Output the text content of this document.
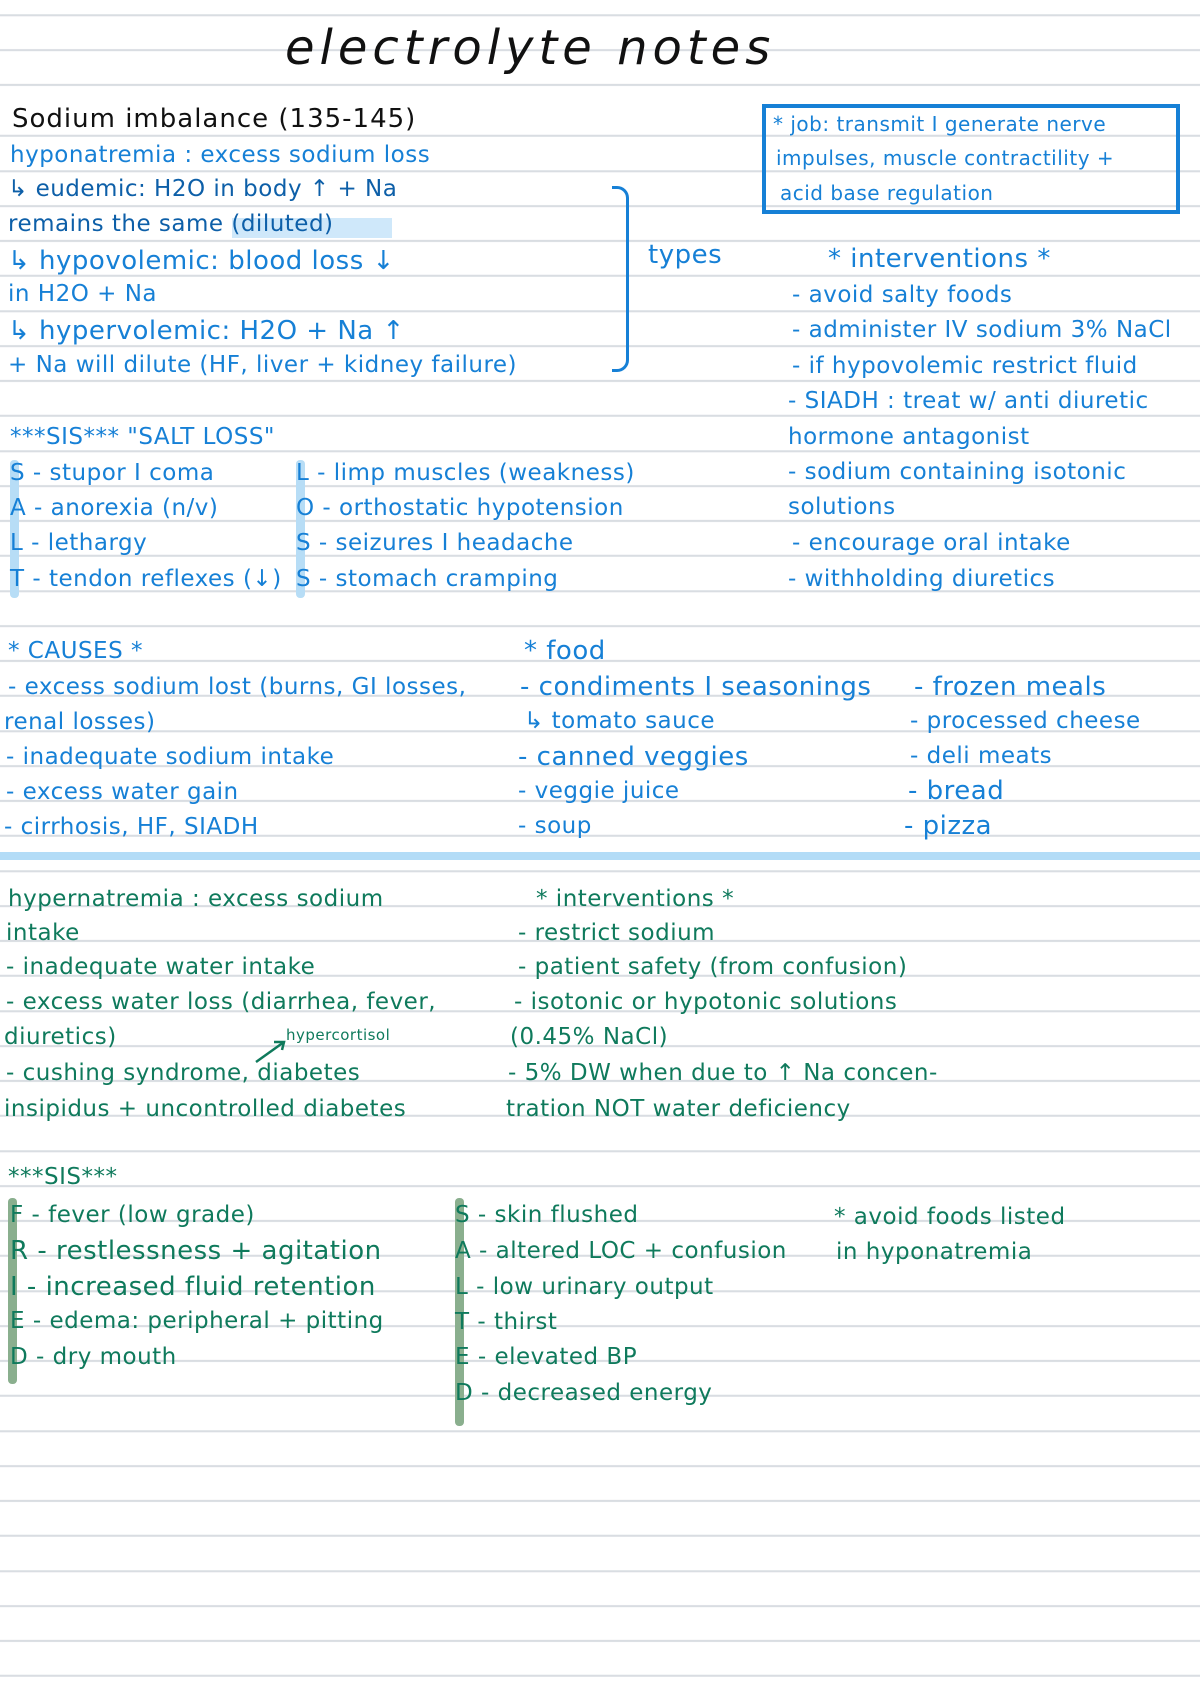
electrolyte notes
Sodium imbalance (135-145)	* job: transmit I generate nerve
impulses, muscle contractility +
acid base regulation
hyponatremia : excess sodium loss
↳ eudemic: H2O in body ↑ + Na
remains the same (diluted)
↳ hypovolemic: blood loss ↓
in H2O + Na
↳ hypervolemic: H2O + Na ↑
+ Na will dilute (HF, liver + kidney failure)
types	* interventions *
- avoid salty foods
- administer IV sodium 3% NaCl
- if hypovolemic restrict fluid
- SIADH : treat w/ anti diuretic
hormone antagonist
- sodium containing isotonic
solutions
- encourage oral intake
- withholding diuretics
***SIS*** "SALT LOSS"
S - stupor I coma
A - anorexia (n/v)
L - lethargy
T - tendon reflexes (↓)
L - limp muscles (weakness)
O - orthostatic hypotension
S - seizures I headache
S - stomach cramping
* CAUSES *
- excess sodium lost (burns, GI losses,
renal losses)
- inadequate sodium intake
- excess water gain
- cirrhosis, HF, SIADH
* food
- condiments I seasonings
↳ tomato sauce
- canned veggies
- veggie juice
- soup
- frozen meals
- processed cheese
- deli meats
- bread
- pizza
hypernatremia : excess sodium
intake
- inadequate water intake
- excess water loss (diarrhea, fever,
diuretics)
- cushing syndrome, diabetes
insipidus + uncontrolled diabetes
hypercortisol
* interventions *
- restrict sodium
- patient safety (from confusion)
- isotonic or hypotonic solutions
(0.45% NaCl)
- 5% DW when due to ↑ Na concen-
tration NOT water deficiency
***SIS***
F - fever (low grade)
R - restlessness + agitation
I - increased fluid retention
E - edema: peripheral + pitting
D - dry mouth
S - skin flushed
A - altered LOC + confusion
L - low urinary output
T - thirst
E - elevated BP
D - decreased energy
* avoid foods listed
in hyponatremia
